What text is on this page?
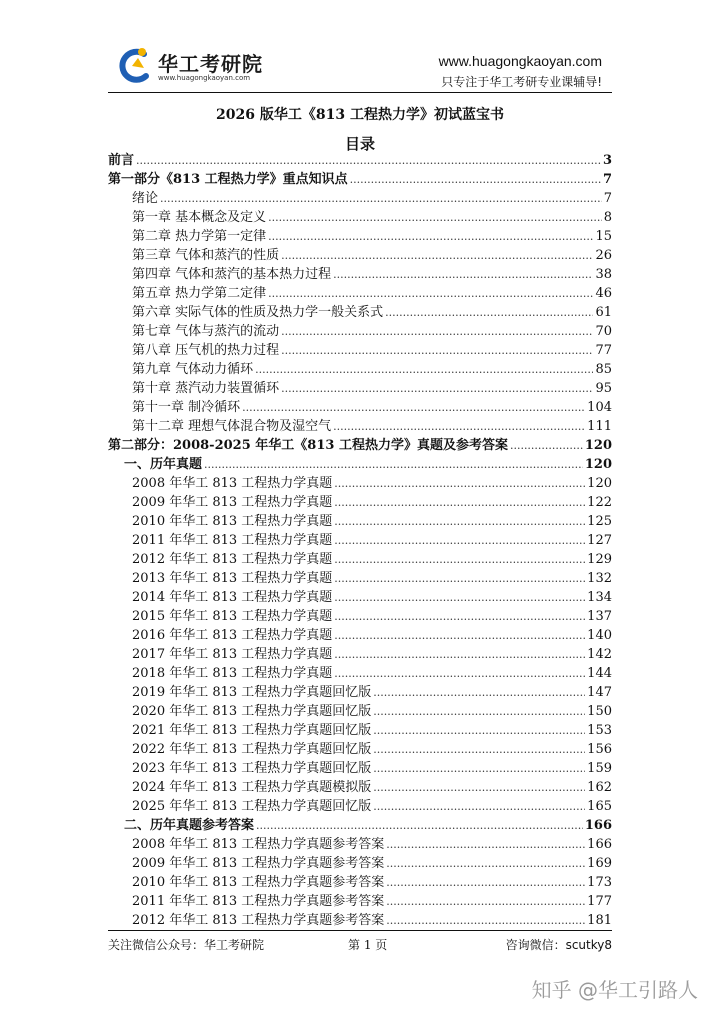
华工考研院
www.huagongkaoyan.com
www.huagongkaoyan.com
只专注于华工考研专业课辅导!
2026 版华工《813 工程热力学》初试蓝宝书
目录
前言 .....	3
第一部分《813 工程热力学》重点知识点 .....	7
绪论 .....	7
第一章 基本概念及定义 .....	8
第二章 热力学第一定律 .....	15
第三章 气体和蒸汽的性质 .....	26
第四章 气体和蒸汽的基本热力过程 .....	38
第五章 热力学第二定律 .....	46
第六章 实际气体的性质及热力学一般关系式 .....	61
第七章 气体与蒸汽的流动 .....	70
第八章 压气机的热力过程 .....	77
第九章 气体动力循环 .....	85
第十章 蒸汽动力装置循环 .....	95
第十一章 制冷循环 .....	104
第十二章 理想气体混合物及湿空气 .....	111
第二部分：2008-2025 年华工《813 工程热力学》真题及参考答案 .....	120
一、历年真题 .....	120
2008 年华工 813 工程热力学真题 .....	120
2009 年华工 813 工程热力学真题 .....	122
2010 年华工 813 工程热力学真题 .....	125
2011 年华工 813 工程热力学真题 .....	127
2012 年华工 813 工程热力学真题 .....	129
2013 年华工 813 工程热力学真题 .....	132
2014 年华工 813 工程热力学真题 .....	134
2015 年华工 813 工程热力学真题 .....	137
2016 年华工 813 工程热力学真题 .....	140
2017 年华工 813 工程热力学真题 .....	142
2018 年华工 813 工程热力学真题 .....	144
2019 年华工 813 工程热力学真题回忆版 .....	147
2020 年华工 813 工程热力学真题回忆版 .....	150
2021 年华工 813 工程热力学真题回忆版 .....	153
2022 年华工 813 工程热力学真题回忆版 .....	156
2023 年华工 813 工程热力学真题回忆版 .....	159
2024 年华工 813 工程热力学真题模拟版 .....	162
2025 年华工 813 工程热力学真题回忆版 .....	165
二、历年真题参考答案 .....	166
2008 年华工 813 工程热力学真题参考答案 .....	166
2009 年华工 813 工程热力学真题参考答案 .....	169
2010 年华工 813 工程热力学真题参考答案 .....	173
2011 年华工 813 工程热力学真题参考答案 .....	177
2012 年华工 813 工程热力学真题参考答案 .....	181
关注微信公众号：华工考研院	第 1 页	咨询微信：scutky8
知乎 @华工引路人
